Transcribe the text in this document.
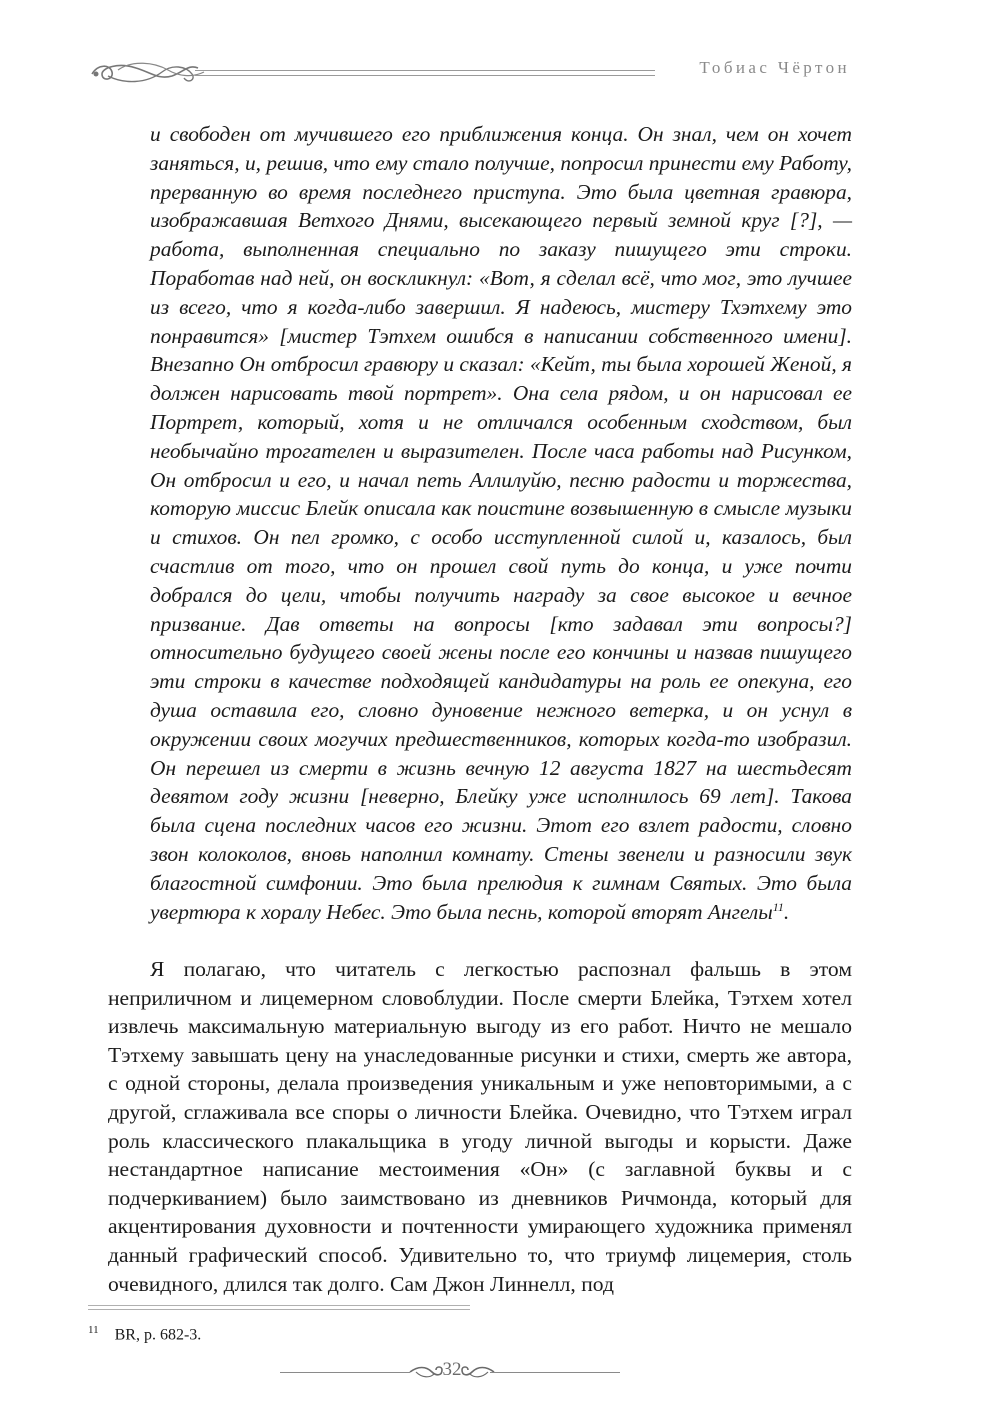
Тобиас Чёртон

и свободен от мучившего его приближения конца. Он знал, чем он хочет заняться, и, решив, что ему стало получше, попросил принести ему Работу, прерванную во время последнего приступа. Это была цветная гравюра, изображавшая Ветхого Днями, высекающего первый земной круг [?], — работа, выполненная специально по заказу пишущего эти строки. Поработав над ней, он воскликнул: «Вот, я сделал всё, что мог, это лучшее из всего, что я когда-либо завершил. Я надеюсь, мистеру Тхэтхему это понравится» [мистер Тэтхем ошибся в написании собственного имени]. Внезапно Он отбросил гравюру и сказал: «Кейт, ты была хорошей Женой, я должен нарисовать твой портрет». Она села рядом, и он нарисовал ее Портрет, который, хотя и не отличался особенным сходством, был необычайно трогателен и выразителен. После часа работы над Рисунком, Он отбросил и его, и начал петь Аллилуйю, песню радости и торжества, которую миссис Блейк описала как поистине возвышенную в смысле музыки и стихов. Он пел громко, с особо исступленной силой и, казалось, был счастлив от того, что он прошел свой путь до конца, и уже почти добрался до цели, чтобы получить награду за свое высокое и вечное призвание. Дав ответы на вопросы [кто задавал эти вопросы?] относительно будущего своей жены после его кончины и назвав пишущего эти строки в качестве подходящей кандидатуры на роль ее опекуна, его душа оставила его, словно дуновение нежного ветерка, и он уснул в окружении своих могучих предшественников, которых когда-то изобразил. Он перешел из смерти в жизнь вечную 12 августа 1827 на шестьдесят девятом году жизни [неверно, Блейку уже исполнилось 69 лет]. Такова была сцена последних часов его жизни. Этот его взлет радости, словно звон колоколов, вновь наполнил комнату. Стены звенели и разносили звук благостной симфонии. Это была прелюдия к гимнам Святых. Это была увертюра к хоралу Небес. Это была песнь, которой вторят Ангелы$^{11}$.

Я полагаю, что читатель с легкостью распознал фальшь в этом неприличном и лицемерном словоблудии. После смерти Блейка, Тэтхем хотел извлечь максимальную материальную выгоду из его работ. Ничто не мешало Тэтхему завышать цену на унаследованные рисунки и стихи, смерть же автора, с одной стороны, делала произведения уникальным и уже неповторимыми, а с другой, сглаживала все споры о личности Блейка. Очевидно, что Тэтхем играл роль классического плакальщика в угоду личной выгоды и корысти. Даже нестандартное написание местоимения «Он» (с заглавной буквы и с подчеркиванием) было заимствовано из дневников Ричмонда, который для акцентирования духовности и почтенности умирающего художника применял данный графический способ. Удивительно то, что триумф лицемерия, столь очевидного, длился так долго. Сам Джон Линнелл, под

$^{11}$ BR, p. 682-3.
32
